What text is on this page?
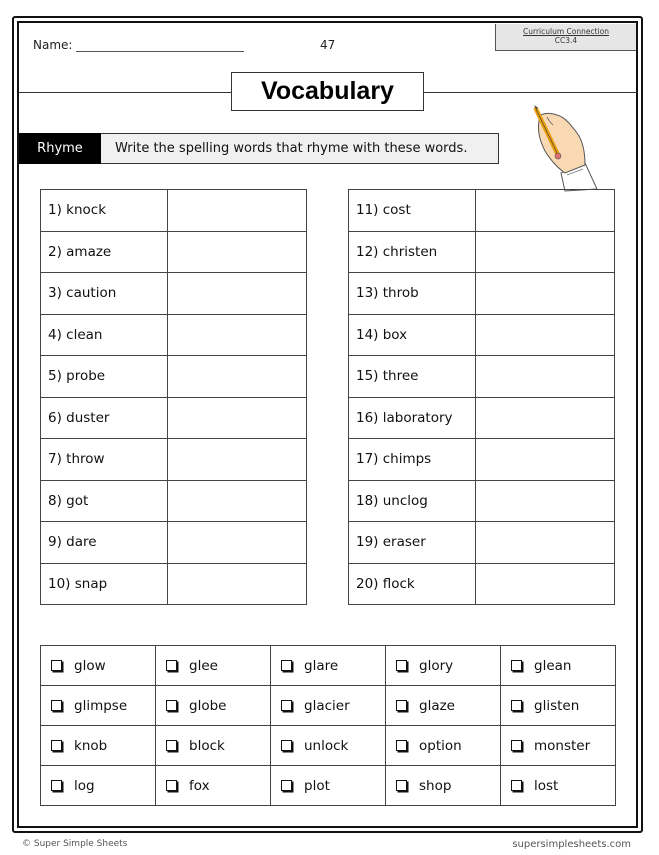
Name:	47
Curriculum Connection
CC3.4
Vocabulary
Rhyme	Write the spelling words that rhyme with these words.
1) knock	
2) amaze	
3) caution	
4) clean	
5) probe	
6) duster	
7) throw	
8) got	
9) dare	
10) snap	
11) cost	
12) christen	
13) throb	
14) box	
15) three	
16) laboratory	
17) chimps	
18) unclog	
19) eraser	
20) flock	
glow	glee	glare	glory	glean
glimpse	globe	glacier	glaze	glisten
knob	block	unlock	option	monster
log	fox	plot	shop	lost
© Super Simple Sheets	supersimplesheets.com
